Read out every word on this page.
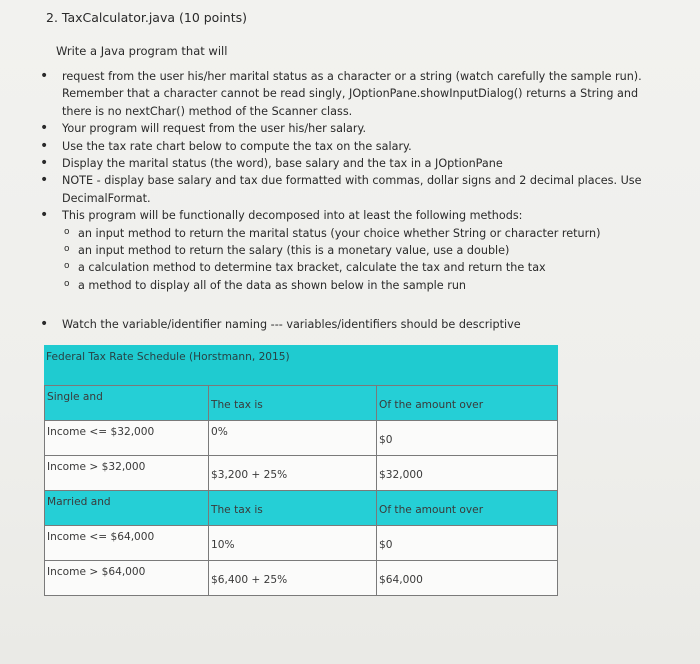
2. TaxCalculator.java (10 points)
Write a Java program that will
• request from the user his/her marital status as a character or a string (watch carefully the sample run). Remember that a character cannot be read singly, JOptionPane.showInputDialog() returns a String and there is no nextChar() method of the Scanner class.
• Your program will request from the user his/her salary.
• Use the tax rate chart below to compute the tax on the salary.
• Display the marital status (the word), base salary and the tax in a JOptionPane
• NOTE - display base salary and tax due formatted with commas, dollar signs and 2 decimal places. Use DecimalFormat.
• This program will be functionally decomposed into at least the following methods:
o an input method to return the marital status (your choice whether String or character return)
o an input method to return the salary (this is a monetary value, use a double)
o a calculation method to determine tax bracket, calculate the tax and return the tax
o a method to display all of the data as shown below in the sample run
• Watch the variable/identifier naming --- variables/identifiers should be descriptive
Federal Tax Rate Schedule (Horstmann, 2015)
Single and	The tax is	Of the amount over
Income <= $32,000	0%	$0
Income > $32,000	$3,200 + 25%	$32,000
Married and	The tax is	Of the amount over
Income <= $64,000	10%	$0
Income > $64,000	$6,400 + 25%	$64,000
